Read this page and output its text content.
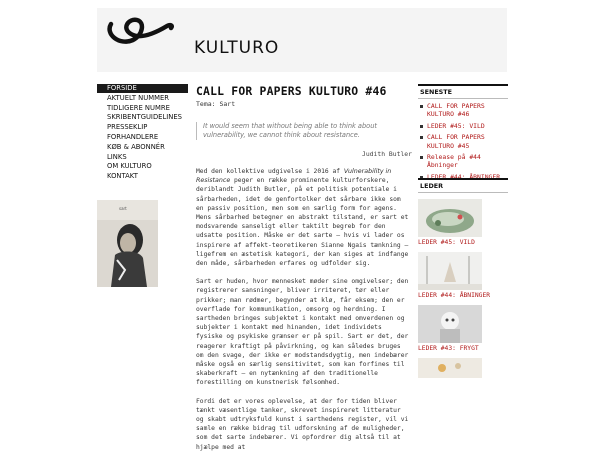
KULTURO
FORSIDE
AKTUELT NUMMER
TIDLIGERE NUMRE
SKRIBENTGUIDELINES
PRESSEKLIP
FORHANDLERE
KØB & ABONNÉR
LINKS
OM KULTURO
KONTAKT
sart
CALL FOR PAPERS KULTURO #46
Tema: Sart
It would seem that without being able to think about vulnerability, we cannot think about resistance.
Judith Butler

Med den kollektive udgivelse i 2016 af Vulnerability in Resistance peger en række prominente kulturforskere, deriblandt Judith Butler, på et politisk potentiale i sårbarheden, idet de genfortolker det sårbare ikke som en passiv position, men som en særlig form for agens. Mens sårbarhed betegner en abstrakt tilstand, er sart et modsvarende sanseligt eller taktilt begreb for den udsatte position. Måske er det sarte – hvis vi lader os inspirere af affekt-teoretikeren Sianne Ngais tænkning – ligefrem en æstetisk kategori, der kan siges at indfange den måde, sårbarheden erfares og udfolder sig.

Sart er huden, hvor mennesket møder sine omgivelser; den registrerer sansninger, bliver irriteret, tør eller prikker; man rødmer, begynder at klø, får eksem; den er overflade for kommunikation, omsorg og herdning. I sartheden bringes subjektet i kontakt med omverdenen og subjekter i kontakt med hinanden, idet individets fysiske og psykiske grænser er på spil. Sart er det, der reagerer kraftigt på påvirkning, og kan således bruges om den svage, der ikke er modstandsdygtig, men indebærer måske også en særlig sensitivitet, som kan forfines til skaberkraft – en nytænkning af den traditionelle forestilling om kunstnerisk følsomhed.

Fordi det er vores oplevelse, at der for tiden bliver tænkt væsentlige tanker, skrevet inspireret litteratur og skabt udtryksfuld kunst i sarthedens register, vil vi samle en række bidrag til udforskning af de muligheder, som det sarte indebærer. Vi opfordrer dig altså til at hjælpe med at

SENESTE
CALL FOR PAPERS KULTURO #46
LEDER #45: VILD
CALL FOR PAPERS KULTURO #45
Release på #44 Åbninger
LEDER #44: ÅBNINGER
LEDER
LEDER #45: VILD
LEDER #44: ÅBNINGER
LEDER #43: FRYGT
